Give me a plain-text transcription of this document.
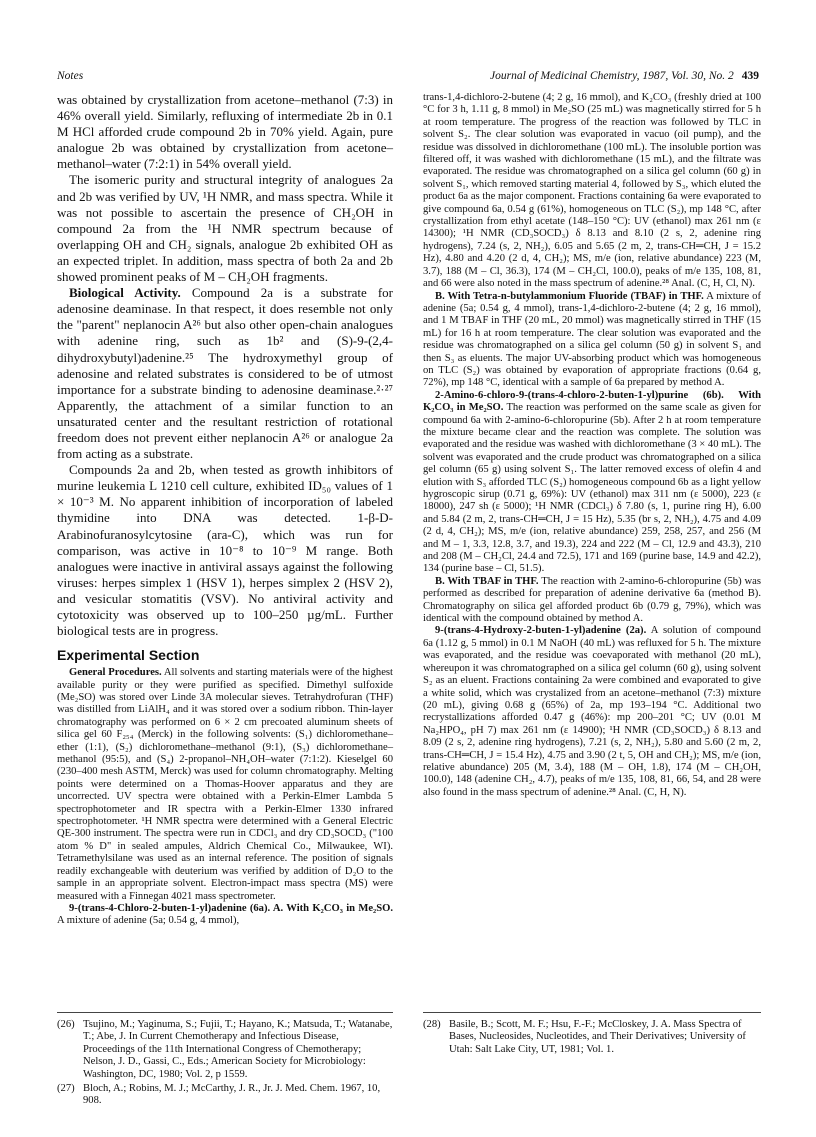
Notes	Journal of Medicinal Chemistry, 1987, Vol. 30, No. 2 439

was obtained by crystallization from acetone–methanol (7:3) in 46% overall yield. Similarly, refluxing of intermediate 2b in 0.1 M HCl afforded crude compound 2b in 70% yield. Again, pure analogue 2b was obtained by crystallization from acetone–methanol–water (7:2:1) in 54% overall yield.

The isomeric purity and structural integrity of analogues 2a and 2b was verified by UV, ¹H NMR, and mass spectra. While it was not possible to ascertain the presence of CH₂OH in compound 2a from the ¹H NMR spectrum because of overlapping OH and CH₂ signals, analogue 2b exhibited OH as an expected triplet. In addition, mass spectra of both 2a and 2b showed prominent peaks of M – CH₂OH fragments.

Biological Activity. Compound 2a is a substrate for adenosine deaminase. In that respect, it does resemble not only the "parent" neplanocin A²⁶ but also other open-chain analogues with adenine ring, such as 1b² and (S)-9-(2,4-dihydroxybutyl)adenine.²⁵ The hydroxymethyl group of adenosine and related substrates is considered to be of utmost importance for a substrate binding to adenosine deaminase.²·²⁷ Apparently, the attachment of a similar function to an unsaturated center and the resultant restriction of rotational freedom does not prevent either neplanocin A²⁶ or analogue 2a from acting as a substrate.

Compounds 2a and 2b, when tested as growth inhibitors of murine leukemia L 1210 cell culture, exhibited ID₅₀ values of 1 × 10⁻³ M. No apparent inhibition of incorporation of labeled thymidine into DNA was detected. 1-β-D-Arabinofuranosylcytosine (ara-C), which was run for comparison, was active in 10⁻⁸ to 10⁻⁹ M range. Both analogues were inactive in antiviral assays against the following viruses: herpes simplex 1 (HSV 1), herpes simplex 2 (HSV 2), and vesicular stomatitis (VSV). No antiviral activity and cytotoxicity was observed up to 100–250 µg/mL. Further biological tests are in progress.

Experimental Section

General Procedures. All solvents and starting materials were of the highest available purity or they were purified as specified. Dimethyl sulfoxide (Me₂SO) was stored over Linde 3A molecular sieves. Tetrahydrofuran (THF) was distilled from LiAlH₄ and it was stored over a sodium ribbon. Thin-layer chromatography was performed on 6 × 2 cm precoated aluminum sheets of silica gel 60 F₂₅₄ (Merck) in the following solvents: (S₁) dichloromethane–ether (1:1), (S₂) dichloromethane–methanol (9:1), (S₃) dichloromethane–methanol (95:5), and (S₄) 2-propanol–NH₄OH–water (7:1:2). Kieselgel 60 (230–400 mesh ASTM, Merck) was used for column chromatography. Melting points were determined on a Thomas-Hoover apparatus and they are uncorrected. UV spectra were obtained with a Perkin-Elmer Lambda 5 spectrophotometer and IR spectra with a Perkin-Elmer 1330 infrared spectrophotometer. ¹H NMR spectra were determined with a General Electric QE-300 instrument. The spectra were run in CDCl₃ and dry CD₃SOCD₃ ("100 atom % D" in sealed ampules, Aldrich Chemical Co., Milwaukee, WI). Tetramethylsilane was used as an internal reference. The position of signals readily exchangeable with deuterium was verified by addition of D₂O to the sample in an appropriate solvent. Electron-impact mass spectra (MS) were measured with a Finnegan 4021 mass spectrometer.

9-(trans-4-Chloro-2-buten-1-yl)adenine (6a). A. With K₂CO₃ in Me₂SO. A mixture of adenine (5a; 0.54 g, 4 mmol),

trans-1,4-dichloro-2-butene (4; 2 g, 16 mmol), and K₂CO₃ (freshly dried at 100 °C for 3 h, 1.11 g, 8 mmol) in Me₂SO (25 mL) was magnetically stirred for 5 h at room temperature. The progress of the reaction was followed by TLC in solvent S₂. The clear solution was evaporated in vacuo (oil pump), and the residue was dissolved in dichloromethane (100 mL). The insoluble portion was filtered off, it was washed with dichloromethane (15 mL), and the filtrate was evaporated. The residue was chromatographed on a silica gel column (60 g) in solvent S₁, which removed starting material 4, followed by S₃, which eluted the product 6a as the major component. Fractions containing 6a were evaporated to give compound 6a, 0.54 g (61%), homogeneous on TLC (S₂), mp 148 °C, after crystallization from ethyl acetate (148–150 °C): UV (ethanol) max 261 nm (ε 14300); ¹H NMR (CD₃SOCD₃) δ 8.13 and 8.10 (2 s, 2, adenine ring hydrogens), 7.24 (s, 2, NH₂), 6.05 and 5.65 (2 m, 2, trans-CH═CH, J = 15.2 Hz), 4.80 and 4.20 (2 d, 4, CH₂); MS, m/e (ion, relative abundance) 223 (M, 3.7), 188 (M – Cl, 36.3), 174 (M – CH₂Cl, 100.0), peaks of m/e 135, 108, 81, and 66 were also noted in the mass spectrum of adenine.²⁸ Anal. (C, H, Cl, N).

B. With Tetra-n-butylammonium Fluoride (TBAF) in THF. A mixture of adenine (5a; 0.54 g, 4 mmol), trans-1,4-dichloro-2-butene (4; 2 g, 16 mmol), and 1 M TBAF in THF (20 mL, 20 mmol) was magnetically stirred in THF (15 mL) for 16 h at room temperature. The clear solution was evaporated and the residue was chromatographed on a silica gel column (50 g) in solvent S₁ and then S₃ as eluents. The major UV-absorbing product which was homogeneous on TLC (S₂) was obtained by evaporation of appropriate fractions (0.64 g, 72%), mp 148 °C, identical with a sample of 6a prepared by method A.

2-Amino-6-chloro-9-(trans-4-chloro-2-buten-1-yl)purine (6b). With K₂CO₃ in Me₂SO. The reaction was performed on the same scale as given for compound 6a with 2-amino-6-chloropurine (5b). After 2 h at room temperature the mixture became clear and the reaction was complete. The solution was evaporated and the residue was washed with dichloromethane (3 × 40 mL). The solvent was evaporated and the crude product was chromatographed on a silica gel column (65 g) using solvent S₁. The latter removed excess of olefin 4 and elution with S₃ afforded TLC (S₂) homogeneous compound 6b as a light yellow hygroscopic sirup (0.71 g, 69%): UV (ethanol) max 311 nm (ε 5000), 223 (ε 18000), 247 sh (ε 5000); ¹H NMR (CDCl₃) δ 7.80 (s, 1, purine ring H), 6.00 and 5.84 (2 m, 2, trans-CH═CH, J = 15 Hz), 5.35 (br s, 2, NH₂), 4.75 and 4.09 (2 d, 4, CH₂); MS, m/e (ion, relative abundance) 259, 258, 257, and 256 (M and M – 1, 3.3, 12.8, 3.7, and 19.3), 224 and 222 (M – Cl, 12.9 and 43.3), 210 and 208 (M – CH₂Cl, 24.4 and 72.5), 171 and 169 (purine base, 14.9 and 42.2), 134 (purine base – Cl, 51.5).

B. With TBAF in THF. The reaction with 2-amino-6-chloropurine (5b) was performed as described for preparation of adenine derivative 6a (method B). Chromatography on silica gel afforded product 6b (0.79 g, 79%), which was identical with the compound obtained by method A.

9-(trans-4-Hydroxy-2-buten-1-yl)adenine (2a). A solution of compound 6a (1.12 g, 5 mmol) in 0.1 M NaOH (40 mL) was refluxed for 5 h. The mixture was evaporated, and the residue was coevaporated with methanol (20 mL), whereupon it was chromatographed on a silica gel column (60 g), using solvent S₂ as an eluent. Fractions containing 2a were combined and evaporated to give a white solid, which was crystalized from an acetone–methanol (7:3) mixture (20 mL), giving 0.68 g (65%) of 2a, mp 193–194 °C. Additional two recrystallizations afforded 0.47 g (46%): mp 200–201 °C; UV (0.01 M Na₂HPO₄, pH 7) max 261 nm (ε 14900); ¹H NMR (CD₃SOCD₃) δ 8.13 and 8.09 (2 s, 2, adenine ring hydrogens), 7.21 (s, 2, NH₂), 5.80 and 5.60 (2 m, 2, trans-CH═CH, J = 15.4 Hz), 4.75 and 3.90 (2 t, 5, OH and CH₂); MS, m/e (ion, relative abundance) 205 (M, 3.4), 188 (M – OH, 1.8), 174 (M – CH₂OH, 100.0), 148 (adenine CH₂, 4.7), peaks of m/e 135, 108, 81, 66, 54, and 28 were also found in the mass spectrum of adenine.²⁸ Anal. (C, H, N).

(26) Tsujino, M.; Yaginuma, S.; Fujii, T.; Hayano, K.; Matsuda, T.; Watanabe, T.; Abe, J. In Current Chemotherapy and Infectious Disease, Proceedings of the 11th International Congress of Chemotherapy; Nelson, J. D., Gassi, C., Eds.; American Society for Microbiology: Washington, DC, 1980; Vol. 2, p 1559.
(27) Bloch, A.; Robins, M. J.; McCarthy, J. R., Jr. J. Med. Chem. 1967, 10, 908.
(28) Basile, B.; Scott, M. F.; Hsu, F.-F.; McCloskey, J. A. Mass Spectra of Bases, Nucleosides, Nucleotides, and Their Derivatives; University of Utah: Salt Lake City, UT, 1981; Vol. 1.
